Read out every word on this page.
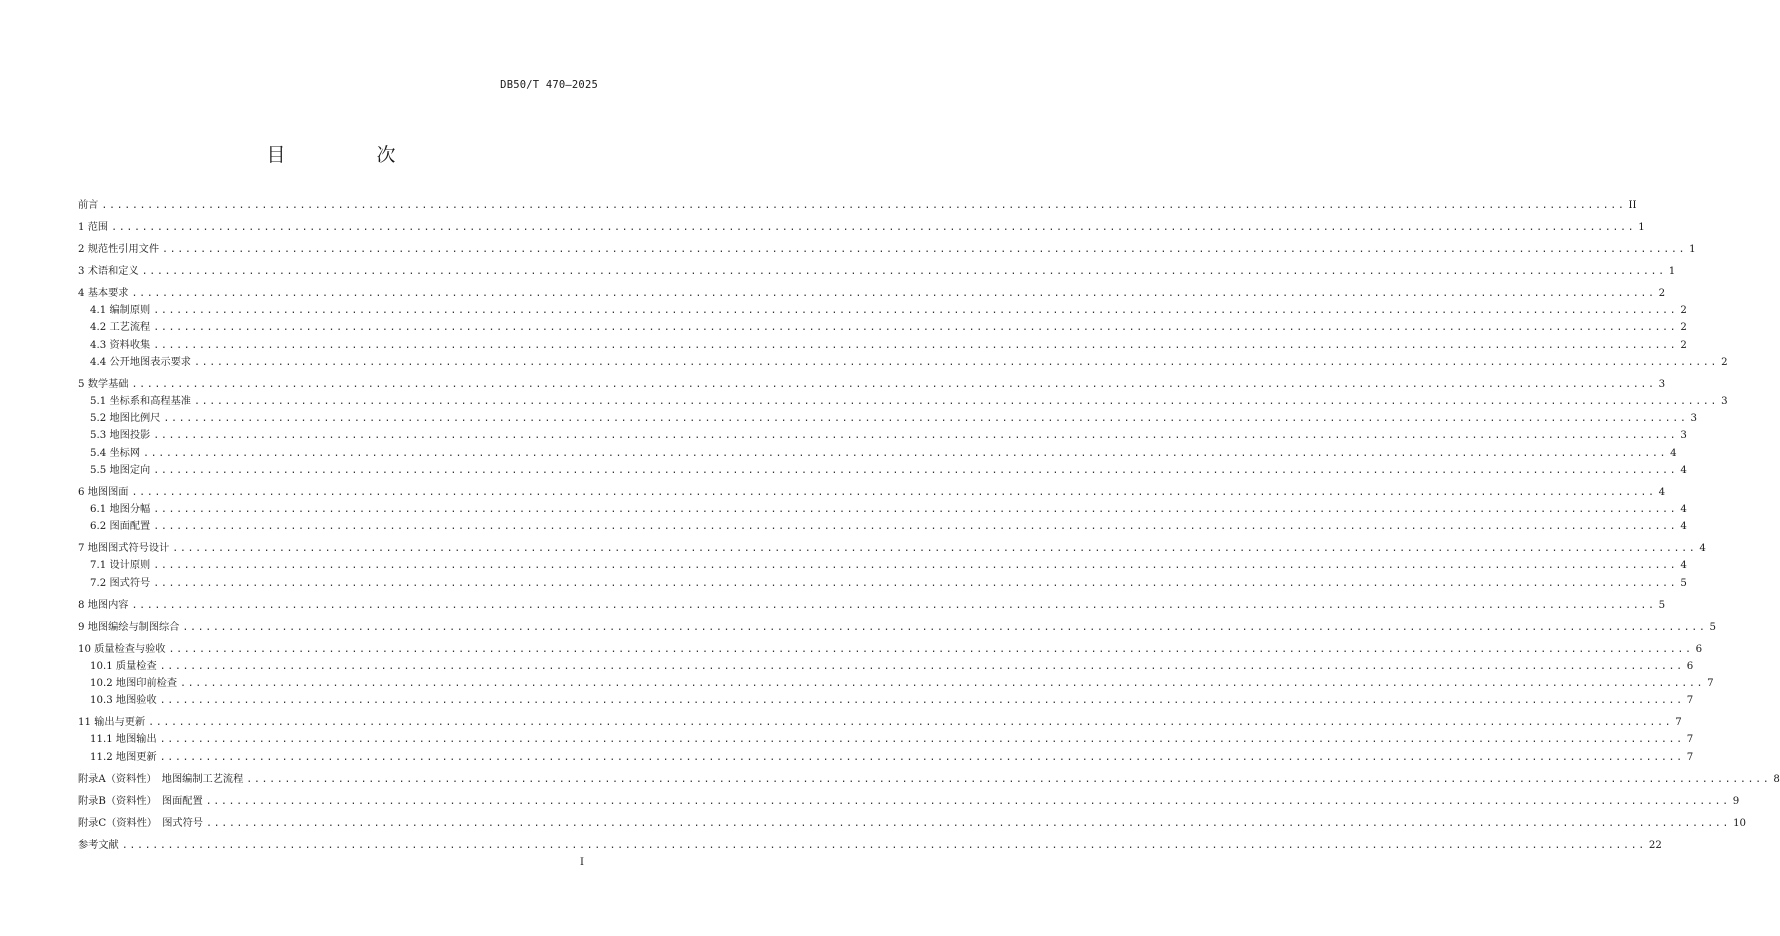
DB50/T 470—2025
目　次
前言 ........................................................................................................................................................................................................ II
1 范围 ........................................................................................................................................................................................................ 1
2 规范性引用文件 ........................................................................................................................................................................................................ 1
3 术语和定义 ........................................................................................................................................................................................................ 1
4 基本要求 ........................................................................................................................................................................................................ 2
4.1 编制原则 ........................................................................................................................................................................................................ 2
4.2 工艺流程 ........................................................................................................................................................................................................ 2
4.3 资料收集 ........................................................................................................................................................................................................ 2
4.4 公开地图表示要求 ........................................................................................................................................................................................................ 2
5 数学基础 ........................................................................................................................................................................................................ 3
5.1 坐标系和高程基准 ........................................................................................................................................................................................................ 3
5.2 地图比例尺 ........................................................................................................................................................................................................ 3
5.3 地图投影 ........................................................................................................................................................................................................ 3
5.4 坐标网 ........................................................................................................................................................................................................ 4
5.5 地图定向 ........................................................................................................................................................................................................ 4
6 地图图面 ........................................................................................................................................................................................................ 4
6.1 地图分幅 ........................................................................................................................................................................................................ 4
6.2 图面配置 ........................................................................................................................................................................................................ 4
7 地图图式符号设计 ........................................................................................................................................................................................................ 4
7.1 设计原则 ........................................................................................................................................................................................................ 4
7.2 图式符号 ........................................................................................................................................................................................................ 5
8 地图内容 ........................................................................................................................................................................................................ 5
9 地图编绘与制图综合 ........................................................................................................................................................................................................ 5
10 质量检查与验收 ........................................................................................................................................................................................................ 6
10.1 质量检查 ........................................................................................................................................................................................................ 6
10.2 地图印前检查 ........................................................................................................................................................................................................ 7
10.3 地图验收 ........................................................................................................................................................................................................ 7
11 输出与更新 ........................................................................................................................................................................................................ 7
11.1 地图输出 ........................................................................................................................................................................................................ 7
11.2 地图更新 ........................................................................................................................................................................................................ 7
附录A（资料性）　地图编制工艺流程 ........................................................................................................................................................................................................ 8
附录B（资料性）　图面配置 ........................................................................................................................................................................................................ 9
附录C（资料性）　图式符号 ........................................................................................................................................................................................................ 10
参考文献 ........................................................................................................................................................................................................ 22
I
